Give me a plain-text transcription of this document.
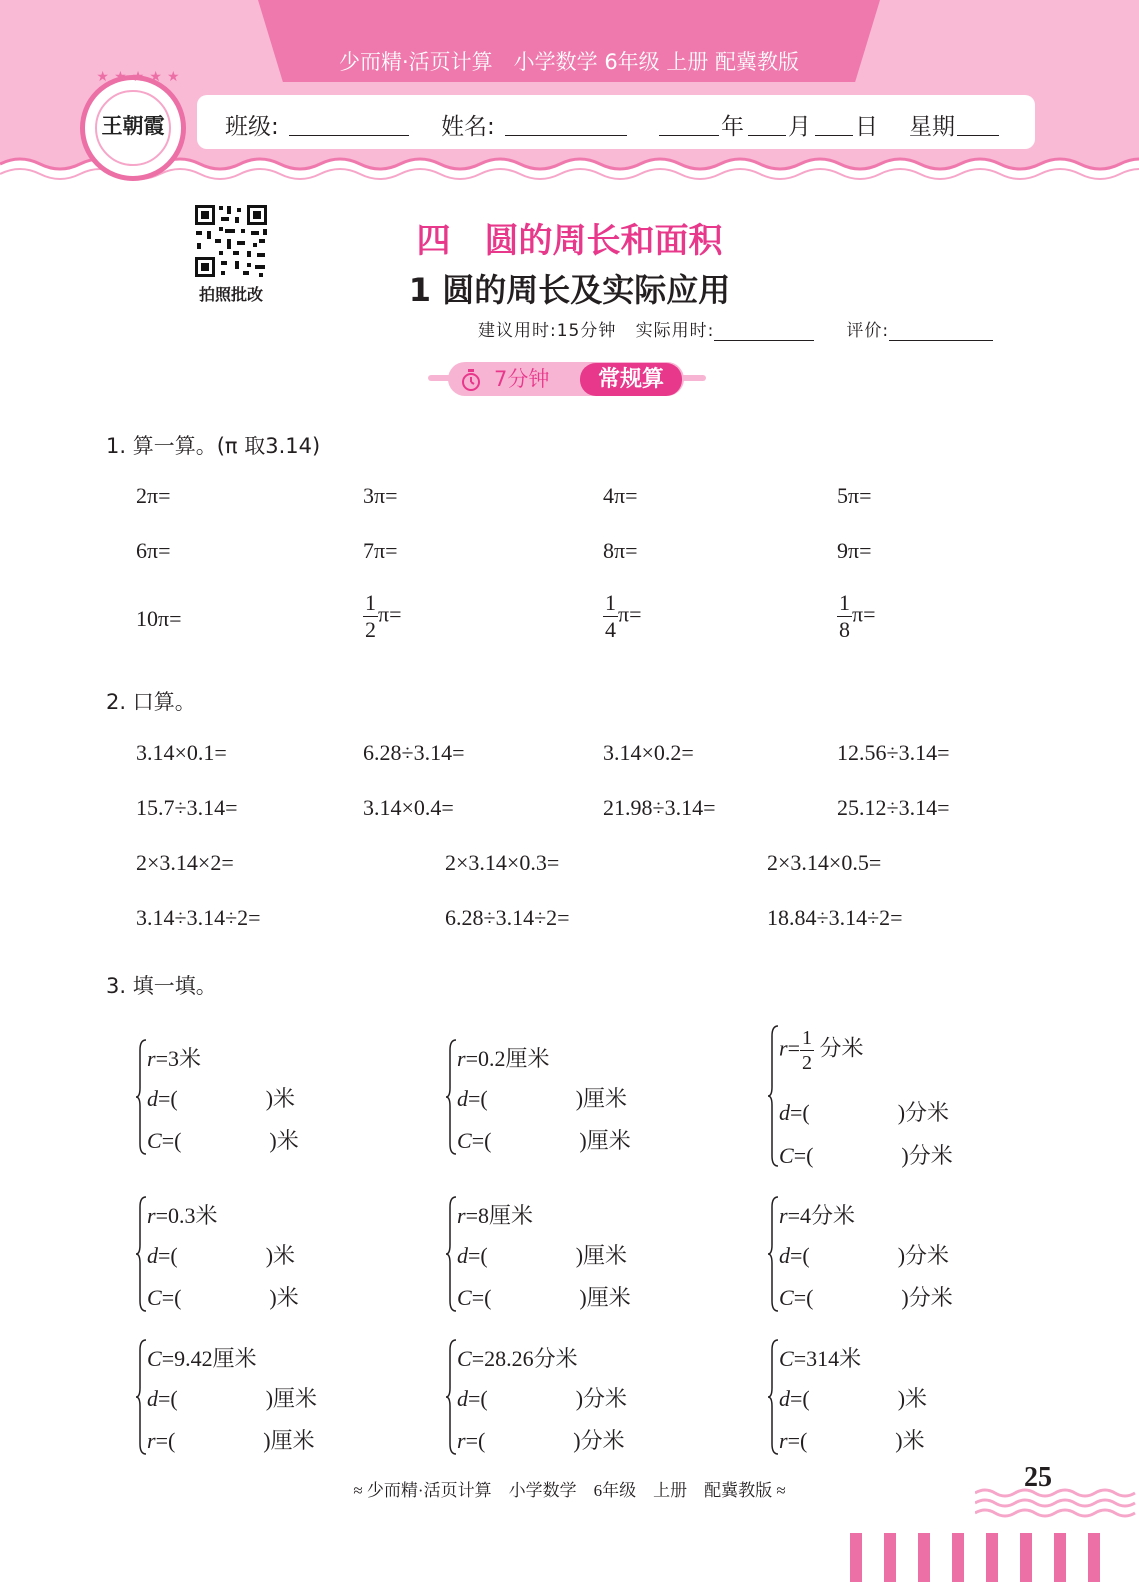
少而精·活页计算　小学数学 6年级 上册 配冀教版
班级:	姓名:	年 月 日 星期
王朝霞
★ ★ ★ ★ ★
拍照批改
四　圆的周长和面积
1 圆的周长及实际应用
建议用时:15分钟 实际用时:	评价:
7分钟	常规算
1. 算一算。(π 取3.14)
2π=	3π=	4π=	5π=
6π=	7π=	8π=	9π=
10π=	$\frac{1}{2} \pi=$	$\frac{1}{4} \pi=$	$\frac{1}{8} \pi=$
2. 口算。
3.14×0.1=	6.28÷3.14=	3.14×0.2=	12.56÷3.14=
15.7÷3.14=	3.14×0.4=	21.98÷3.14=	25.12÷3.14=
2×3.14×2=	2×3.14×0.3=	2×3.14×0.5=
3.14÷3.14÷2=	6.28÷3.14÷2=	18.84÷3.14÷2=
3. 填一填。
r=3米
d=(　　　　)米
C=(　　　　)米
r=0.2厘米
d=(　　　　)厘米
C=(　　　　)厘米
$r= \frac{1}{2}$ 分米
d=(　　　　)分米
C=(　　　　)分米
r=0.3米
d=(　　　　)米
C=(　　　　)米
r=8厘米
d=(　　　　)厘米
C=(　　　　)厘米
r=4分米
d=(　　　　)分米
C=(　　　　)分米
C=9.42厘米
d=(　　　　)厘米
r=(　　　　)厘米
C=28.26分米
d=(　　　　)分米
r=(　　　　)分米
C=314米
d=(　　　　)米
r=(　　　　)米
≈ 少而精·活页计算　小学数学　6年级　上册　配冀教版 ≈	25
